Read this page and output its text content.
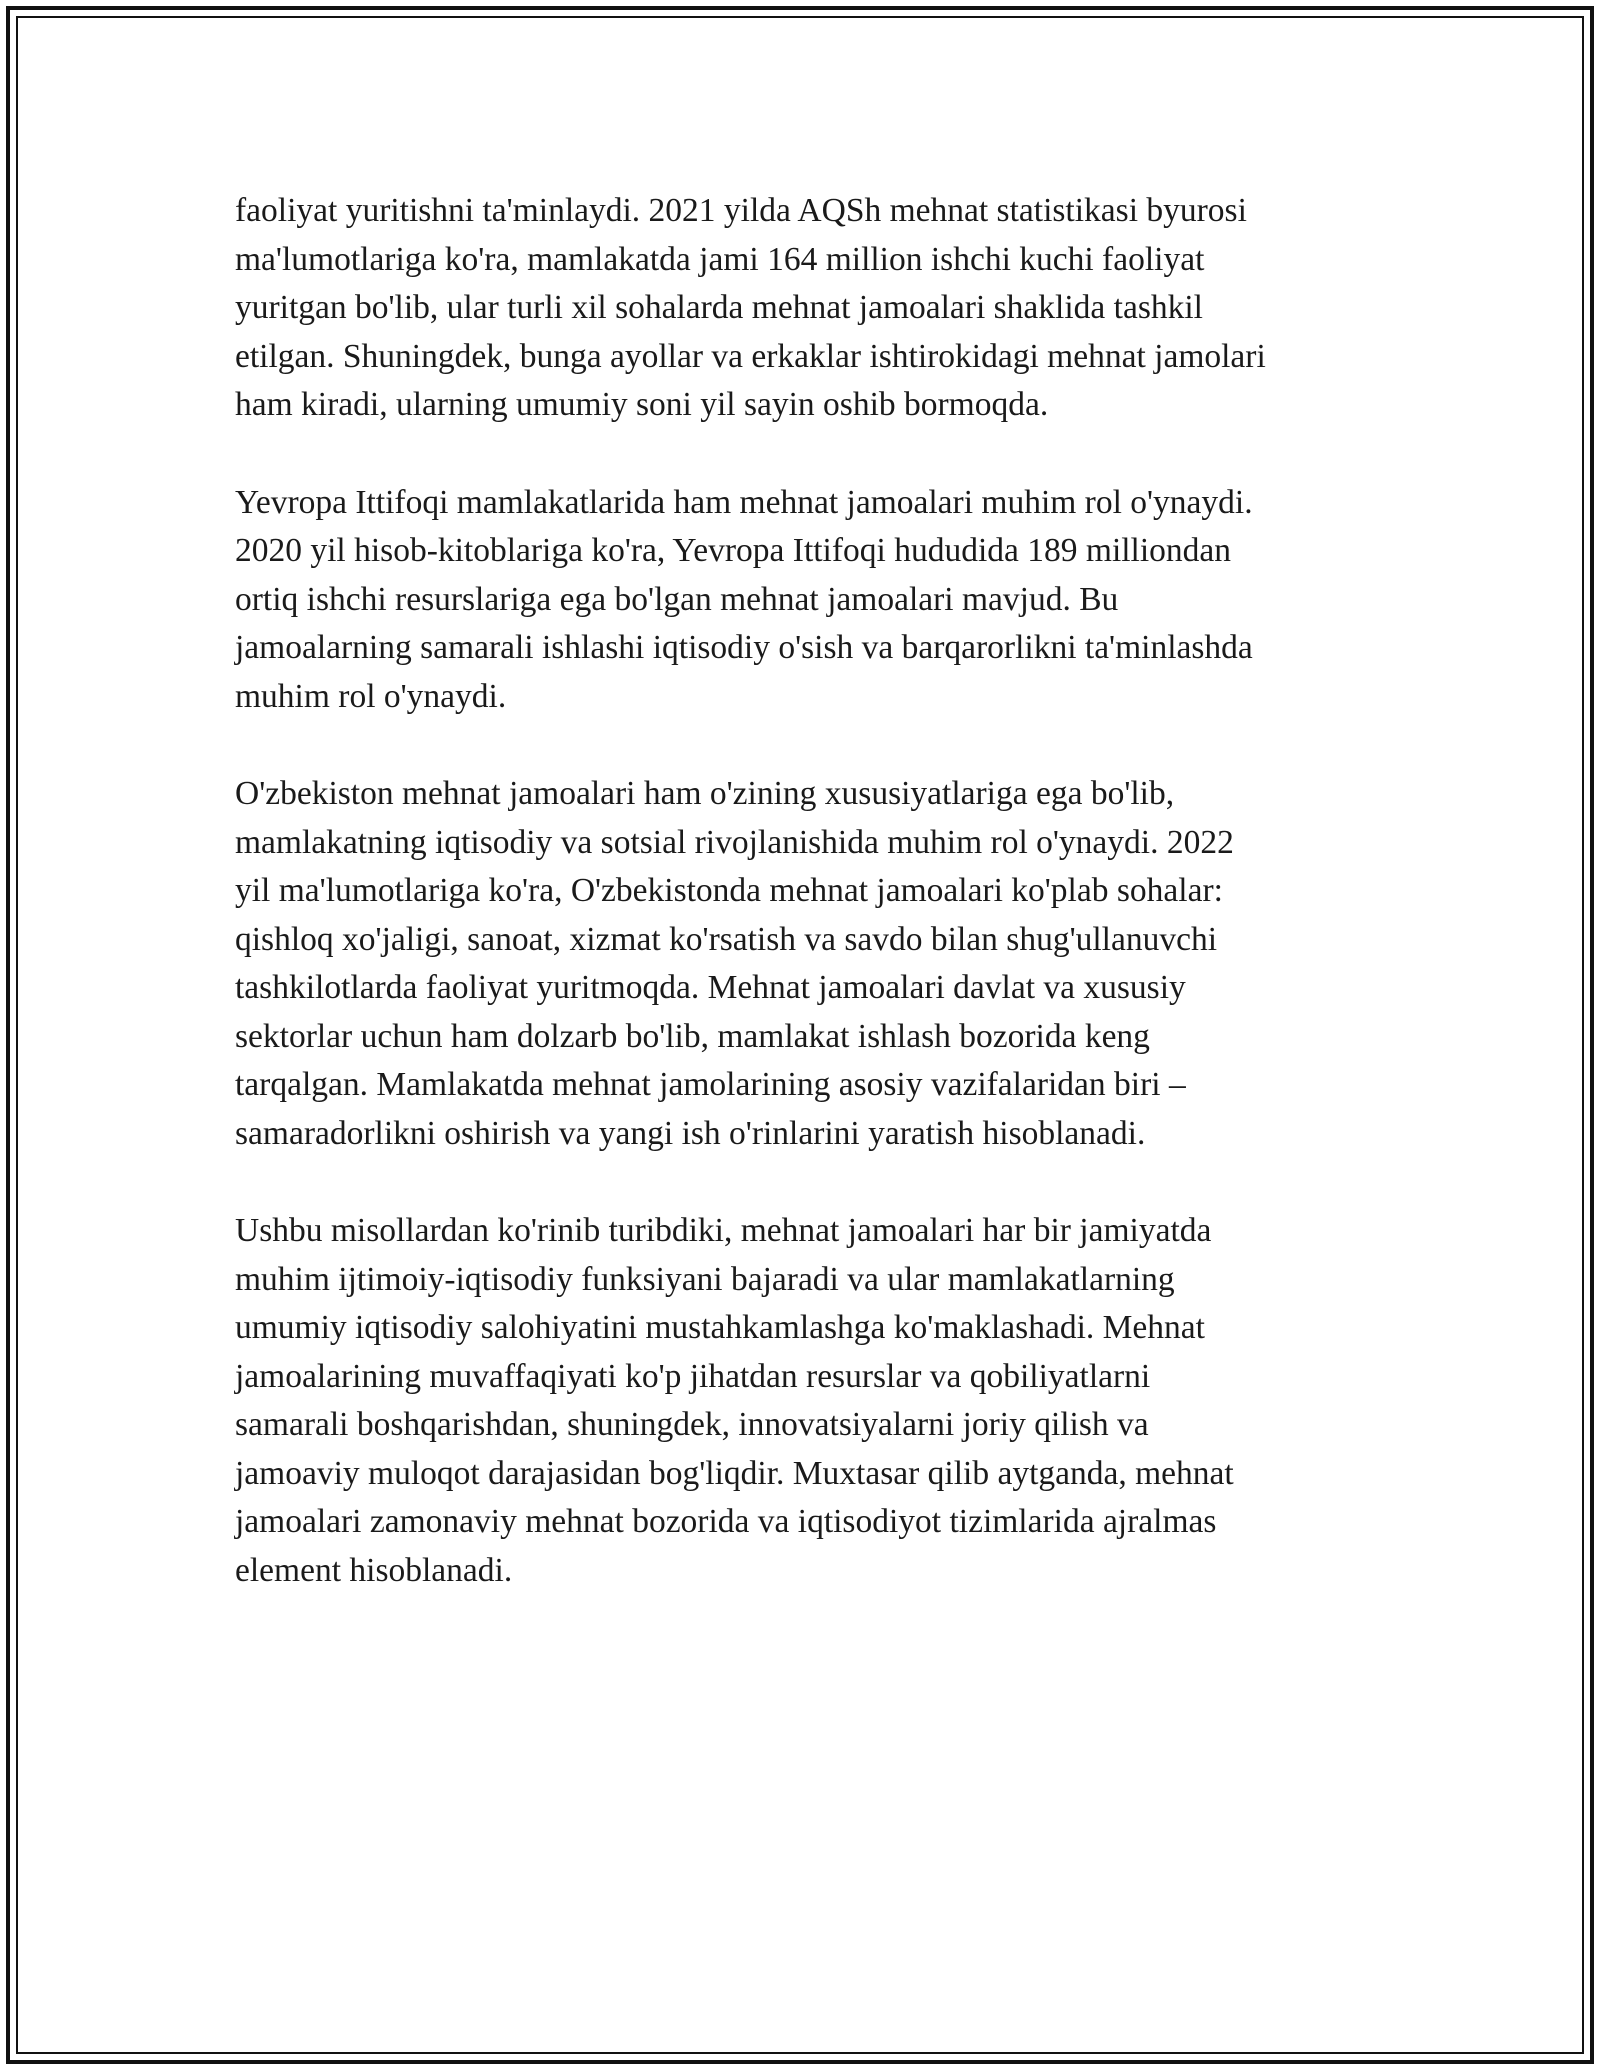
faoliyat yuritishni ta'minlaydi. 2021 yilda AQSh mehnat statistikasi byurosi
ma'lumotlariga ko'ra, mamlakatda jami 164 million ishchi kuchi faoliyat
yuritgan bo'lib, ular turli xil sohalarda mehnat jamoalari shaklida tashkil
etilgan. Shuningdek, bunga ayollar va erkaklar ishtirokidagi mehnat jamolari
ham kiradi, ularning umumiy soni yil sayin oshib bormoqda.

Yevropa Ittifoqi mamlakatlarida ham mehnat jamoalari muhim rol o'ynaydi.
2020 yil hisob-kitoblariga ko'ra, Yevropa Ittifoqi hududida 189 milliondan
ortiq ishchi resurslariga ega bo'lgan mehnat jamoalari mavjud. Bu
jamoalarning samarali ishlashi iqtisodiy o'sish va barqarorlikni ta'minlashda
muhim rol o'ynaydi.

O'zbekiston mehnat jamoalari ham o'zining xususiyatlariga ega bo'lib,
mamlakatning iqtisodiy va sotsial rivojlanishida muhim rol o'ynaydi. 2022
yil ma'lumotlariga ko'ra, O'zbekistonda mehnat jamoalari ko'plab sohalar:
qishloq xo'jaligi, sanoat, xizmat ko'rsatish va savdo bilan shug'ullanuvchi
tashkilotlarda faoliyat yuritmoqda. Mehnat jamoalari davlat va xususiy
sektorlar uchun ham dolzarb bo'lib, mamlakat ishlash bozorida keng
tarqalgan. Mamlakatda mehnat jamolarining asosiy vazifalaridan biri –
samaradorlikni oshirish va yangi ish o'rinlarini yaratish hisoblanadi.

Ushbu misollardan ko'rinib turibdiki, mehnat jamoalari har bir jamiyatda
muhim ijtimoiy-iqtisodiy funksiyani bajaradi va ular mamlakatlarning
umumiy iqtisodiy salohiyatini mustahkamlashga ko'maklashadi. Mehnat
jamoalarining muvaffaqiyati ko'p jihatdan resurslar va qobiliyatlarni
samarali boshqarishdan, shuningdek, innovatsiyalarni joriy qilish va
jamoaviy muloqot darajasidan bog'liqdir. Muxtasar qilib aytganda, mehnat
jamoalari zamonaviy mehnat bozorida va iqtisodiyot tizimlarida ajralmas
element hisoblanadi.
